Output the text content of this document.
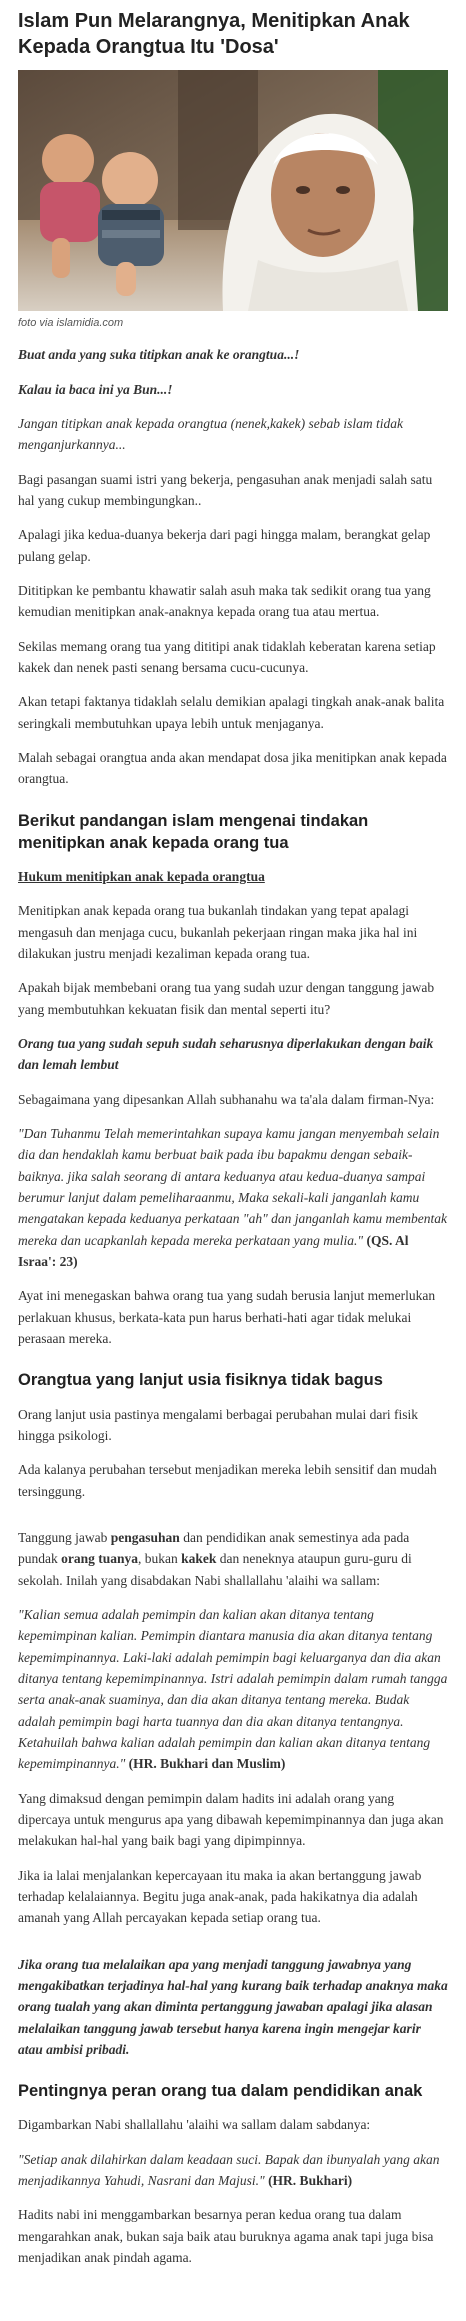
Islam Pun Melarangnya, Menitipkan Anak Kepada Orangtua Itu 'Dosa'
foto via islamidia.com

Buat anda yang suka titipkan anak ke orangtua...!

Kalau ia baca ini ya Bun...!

Jangan titipkan anak kepada orangtua (nenek,kakek) sebab islam tidak menganjurkannya...

Bagi pasangan suami istri yang bekerja, pengasuhan anak menjadi salah satu hal yang cukup membingungkan..

Apalagi jika kedua-duanya bekerja dari pagi hingga malam, berangkat gelap pulang gelap.

Dititipkan ke pembantu khawatir salah asuh maka tak sedikit orang tua yang kemudian menitipkan anak-anaknya kepada orang tua atau mertua.

Sekilas memang orang tua yang dititipi anak tidaklah keberatan karena setiap kakek dan nenek pasti senang bersama cucu-cucunya.

Akan tetapi faktanya tidaklah selalu demikian apalagi tingkah anak-anak balita seringkali membutuhkan upaya lebih untuk menjaganya.

Malah sebagai orangtua anda akan mendapat dosa jika menitipkan anak kepada orangtua.

Berikut pandangan islam mengenai tindakan menitipkan anak kepada orang tua

Hukum menitipkan anak kepada orangtua

Menitipkan anak kepada orang tua bukanlah tindakan yang tepat apalagi mengasuh dan menjaga cucu, bukanlah pekerjaan ringan maka jika hal ini dilakukan justru menjadi kezaliman kepada orang tua.

Apakah bijak membebani orang tua yang sudah uzur dengan tanggung jawab yang membutuhkan kekuatan fisik dan mental seperti itu?

Orang tua yang sudah sepuh sudah seharusnya diperlakukan dengan baik dan lemah lembut

Sebagaimana yang dipesankan Allah subhanahu wa ta'ala dalam firman-Nya:

"Dan Tuhanmu Telah memerintahkan supaya kamu jangan menyembah selain dia dan hendaklah kamu berbuat baik pada ibu bapakmu dengan sebaik-baiknya. jika salah seorang di antara keduanya atau kedua-duanya sampai berumur lanjut dalam pemeliharaanmu, Maka sekali-kali janganlah kamu mengatakan kepada keduanya perkataan "ah" dan janganlah kamu membentak mereka dan ucapkanlah kepada mereka perkataan yang mulia." (QS. Al Israa': 23)

Ayat ini menegaskan bahwa orang tua yang sudah berusia lanjut memerlukan perlakuan khusus, berkata-kata pun harus berhati-hati agar tidak melukai perasaan mereka.

Orangtua yang lanjut usia fisiknya tidak bagus

Orang lanjut usia pastinya mengalami berbagai perubahan mulai dari fisik hingga psikologi.

Ada kalanya perubahan tersebut menjadikan mereka lebih sensitif dan mudah tersinggung.

Tanggung jawab pengasuhan dan pendidikan anak semestinya ada pada pundak orang tuanya, bukan kakek dan neneknya ataupun guru-guru di sekolah. Inilah yang disabdakan Nabi shallallahu 'alaihi wa sallam:

"Kalian semua adalah pemimpin dan kalian akan ditanya tentang kepemimpinan kalian. Pemimpin diantara manusia dia akan ditanya tentang kepemimpinannya. Laki-laki adalah pemimpin bagi keluarganya dan dia akan ditanya tentang kepemimpinannya. Istri adalah pemimpin dalam rumah tangga serta anak-anak suaminya, dan dia akan ditanya tentang mereka. Budak adalah pemimpin bagi harta tuannya dan dia akan ditanya tentangnya. Ketahuilah bahwa kalian adalah pemimpin dan kalian akan ditanya tentang kepemimpinannya." (HR. Bukhari dan Muslim)

Yang dimaksud dengan pemimpin dalam hadits ini adalah orang yang dipercaya untuk mengurus apa yang dibawah kepemimpinannya dan juga akan melakukan hal-hal yang baik bagi yang dipimpinnya.

Jika ia lalai menjalankan kepercayaan itu maka ia akan bertanggung jawab terhadap kelalaiannya. Begitu juga anak-anak, pada hakikatnya dia adalah amanah yang Allah percayakan kepada setiap orang tua.

Jika orang tua melalaikan apa yang menjadi tanggung jawabnya yang mengakibatkan terjadinya hal-hal yang kurang baik terhadap anaknya maka orang tualah yang akan diminta pertanggung jawaban apalagi jika alasan melalaikan tanggung jawab tersebut hanya karena ingin mengejar karir atau ambisi pribadi.

Pentingnya peran orang tua dalam pendidikan anak

Digambarkan Nabi shallallahu 'alaihi wa sallam dalam sabdanya:

"Setiap anak dilahirkan dalam keadaan suci. Bapak dan ibunyalah yang akan menjadikannya Yahudi, Nasrani dan Majusi." (HR. Bukhari)

Hadits nabi ini menggambarkan besarnya peran kedua orang tua dalam mengarahkan anak, bukan saja baik atau buruknya agama anak tapi juga bisa menjadikan anak pindah agama.
